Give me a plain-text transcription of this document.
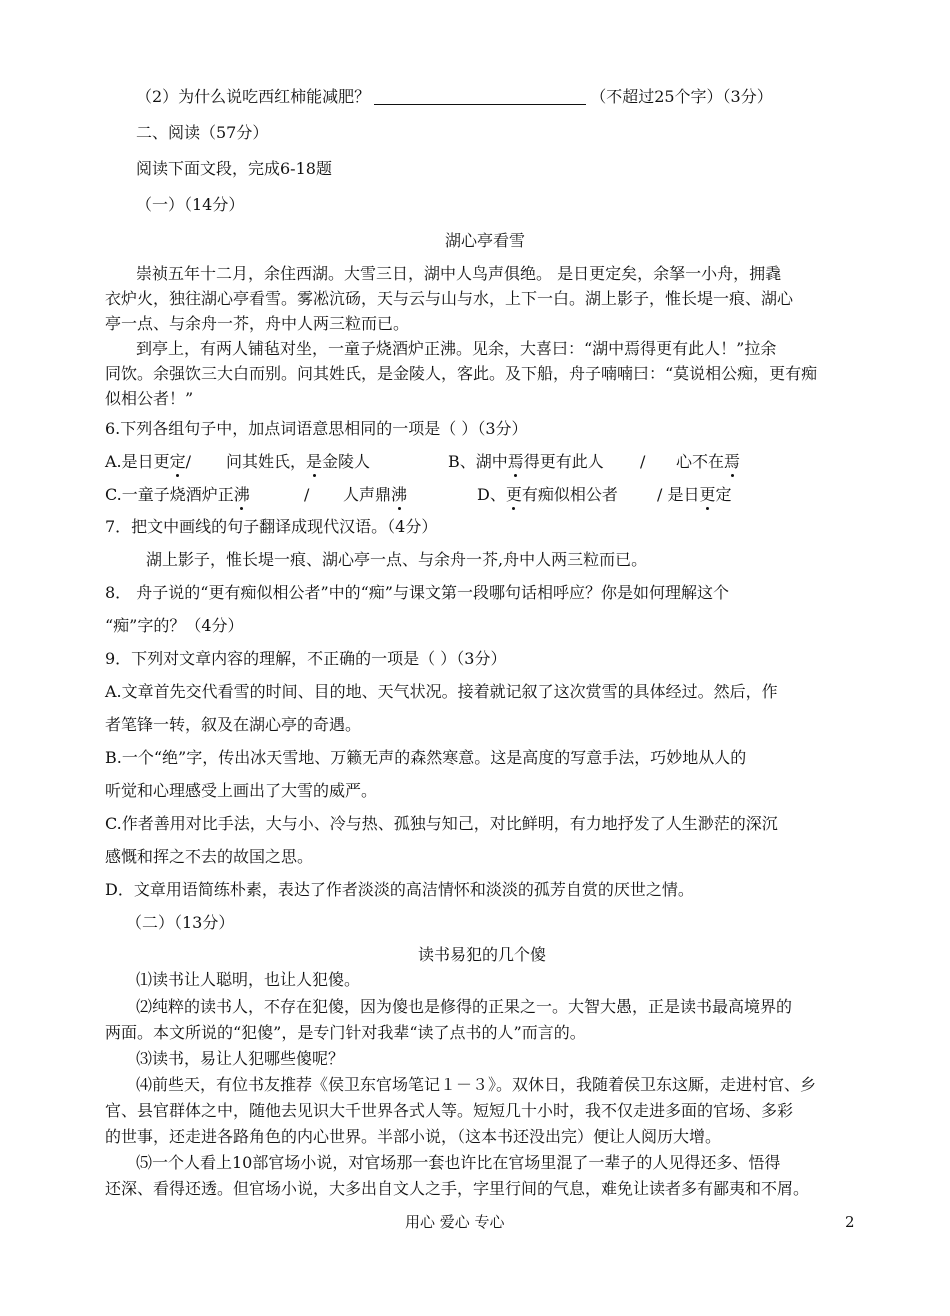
（2）为什么说吃西红柿能减肥？	（不超过25个字）（3分）
二、阅读（57分）
阅读下面文段，完成6-18题
（一）（14分）
湖心亭看雪
崇祯五年十二月，余住西湖。大雪三日，湖中人鸟声俱绝。 是日更定矣，余拏一小舟，拥毳
衣炉火，独往湖心亭看雪。雾凇沆砀，天与云与山与水，上下一白。湖上影子，惟长堤一痕、湖心
亭一点、与余舟一芥，舟中人两三粒而已。
到亭上，有两人铺毡对坐，一童子烧酒炉正沸。见余，大喜曰：“湖中焉得更有此人！”拉余
同饮。余强饮三大白而别。问其姓氏，是金陵人，客此。及下船，舟子喃喃曰：“莫说相公痴，更有痴
似相公者！”
6.下列各组句子中，加点词语意思相同的一项是（ ）（3分）
A.是日更定/ 问其姓氏，是金陵人	B、湖中焉得更有此人 / 心不在焉
C.一童子烧酒炉正沸	/ 人声鼎沸	D、更有痴似相公者 / 是日更定
7．把文中画线的句子翻译成现代汉语。（4分）
湖上影子，惟长堤一痕、湖心亭一点、与余舟一芥,舟中人两三粒而已。
8． 舟子说的“更有痴似相公者”中的“痴”与课文第一段哪句话相呼应？你是如何理解这个
“痴”字的？（4分）
9．下列对文章内容的理解，不正确的一项是（ ）（3分）
A.文章首先交代看雪的时间、目的地、天气状况。接着就记叙了这次赏雪的具体经过。然后，作
者笔锋一转，叙及在湖心亭的奇遇。
B.一个“绝”字，传出冰天雪地、万籁无声的森然寒意。这是高度的写意手法，巧妙地从人的
听觉和心理感受上画出了大雪的威严。
C.作者善用对比手法，大与小、冷与热、孤独与知己，对比鲜明，有力地抒发了人生渺茫的深沉
感慨和挥之不去的故国之思。
D．文章用语简练朴素，表达了作者淡淡的高洁情怀和淡淡的孤芳自赏的厌世之情。
（二）（13分）
读书易犯的几个傻
⑴读书让人聪明，也让人犯傻。
⑵纯粹的读书人，不存在犯傻，因为傻也是修得的正果之一。大智大愚，正是读书最高境界的
两面。本文所说的“犯傻”，是专门针对我辈“读了点书的人”而言的。
⑶读书，易让人犯哪些傻呢？
⑷前些天，有位书友推荐《侯卫东官场笔记１－３》。双休日，我随着侯卫东这厮，走进村官、乡
官、县官群体之中，随他去见识大千世界各式人等。短短几十小时，我不仅走进多面的官场、多彩
的世事，还走进各路角色的内心世界。半部小说，（这本书还没出完）便让人阅历大增。
⑸一个人看上10部官场小说，对官场那一套也许比在官场里混了一辈子的人见得还多、悟得
还深、看得还透。但官场小说，大多出自文人之手，字里行间的气息，难免让读者多有鄙夷和不屑。
用心 爱心 专心	2
